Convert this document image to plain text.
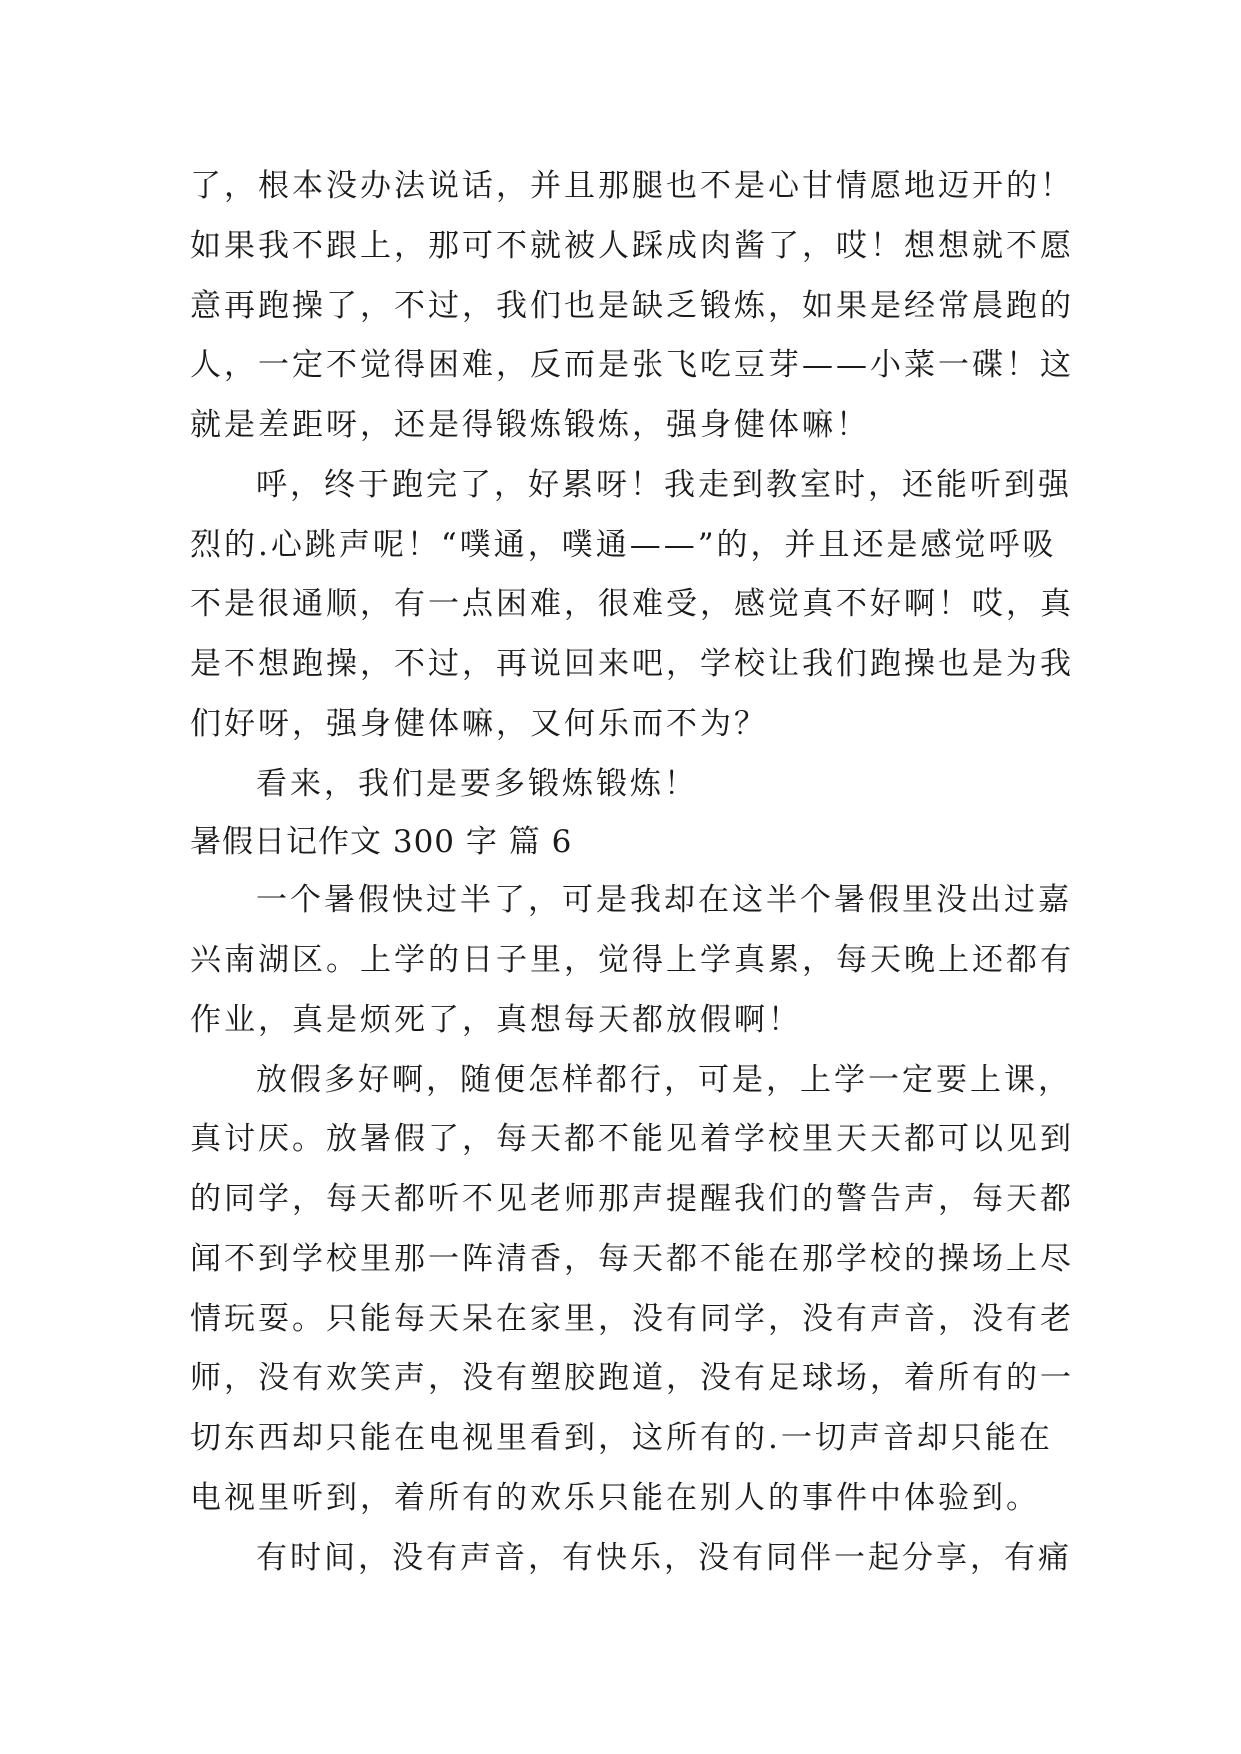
了，根本没办法说话，并且那腿也不是心甘情愿地迈开的！
如果我不跟上，那可不就被人踩成肉酱了，哎！想想就不愿
意再跑操了，不过，我们也是缺乏锻炼，如果是经常晨跑的
人，一定不觉得困难，反而是张飞吃豆芽——小菜一碟！这
就是差距呀，还是得锻炼锻炼，强身健体嘛！
呼，终于跑完了，好累呀！我走到教室时，还能听到强
烈的.心跳声呢！“噗通，噗通——”的，并且还是感觉呼吸
不是很通顺，有一点困难，很难受，感觉真不好啊！哎，真
是不想跑操，不过，再说回来吧，学校让我们跑操也是为我
们好呀，强身健体嘛，又何乐而不为？
看来，我们是要多锻炼锻炼！
暑假日记作文 300 字 篇 6
一个暑假快过半了，可是我却在这半个暑假里没出过嘉
兴南湖区。上学的日子里，觉得上学真累，每天晚上还都有
作业，真是烦死了，真想每天都放假啊！
放假多好啊，随便怎样都行，可是，上学一定要上课，
真讨厌。放暑假了，每天都不能见着学校里天天都可以见到
的同学，每天都听不见老师那声提醒我们的警告声，每天都
闻不到学校里那一阵清香，每天都不能在那学校的操场上尽
情玩耍。只能每天呆在家里，没有同学，没有声音，没有老
师，没有欢笑声，没有塑胶跑道，没有足球场，着所有的一
切东西却只能在电视里看到，这所有的.一切声音却只能在
电视里听到，着所有的欢乐只能在别人的事件中体验到。
有时间，没有声音，有快乐，没有同伴一起分享，有痛
